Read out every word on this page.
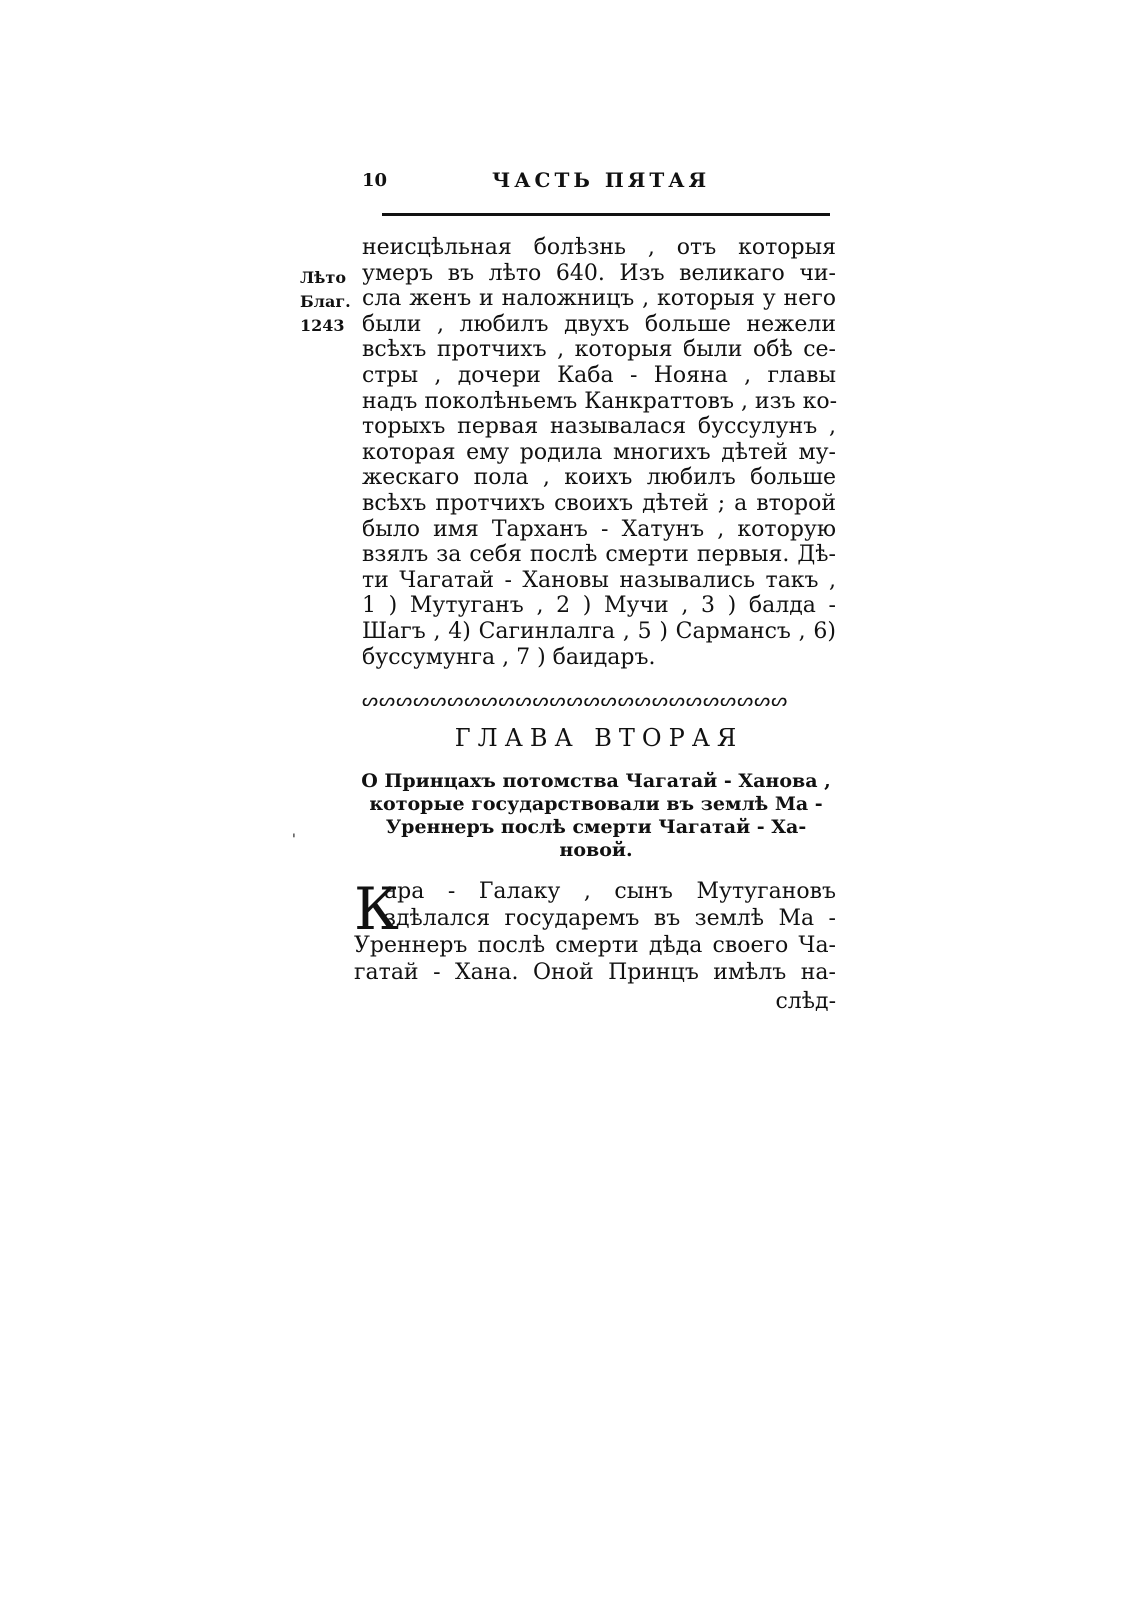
10	ЧАСТЬ ПЯТАЯ
Лѣто
Благ.
1243
неисцѣльная болѣзнь , отъ которыя
умеръ въ лѣто 640. Изъ великаго чи-
сла женъ и наложницъ , которыя у него
были , любилъ двухъ больше нежели
всѣхъ протчихъ , которыя были обѣ се-
стры , дочери Каба - Нояна , главы
надъ поколѣньемъ Канкраттовъ , изъ ко-
торыхъ первая называлася буссулунъ ,
которая ему родила многихъ дѣтей му-
жескаго пола , коихъ любилъ больше
всѣхъ протчихъ своихъ дѣтей ; а второй
было имя Тарханъ - Хатунъ , которую
взялъ за себя послѣ смерти первыя. Дѣ-
ти Чагатай - Хановы назывались такъ ,
1 ) Мутуганъ , 2 ) Мучи , 3 ) балда -
Шагъ , 4) Сагинлалга , 5 ) Сармансъ , 6)
буссумунга , 7 ) баидаръ.
ᔕᔕᔕᔕᔕᔕᔕᔕᔕᔕᔕᔕᔕᔕᔕᔕᔕᔕᔕᔕᔕᔕᔕᔕᔕ
ГЛАВА ВТОРАЯ
О Принцахъ потомства Чагатай - Ханова ,
которые государствовали въ землѣ Ма -
Уреннеръ послѣ смерти Чагатай - Ха-
новой.
'
К
ара - Галаку , сынъ Мутугановъ
здѣлался государемъ въ землѣ Ма -
Уреннеръ послѣ смерти дѣда своего Ча-
гатай - Хана. Оной Принцъ имѣлъ на-
слѣд-
